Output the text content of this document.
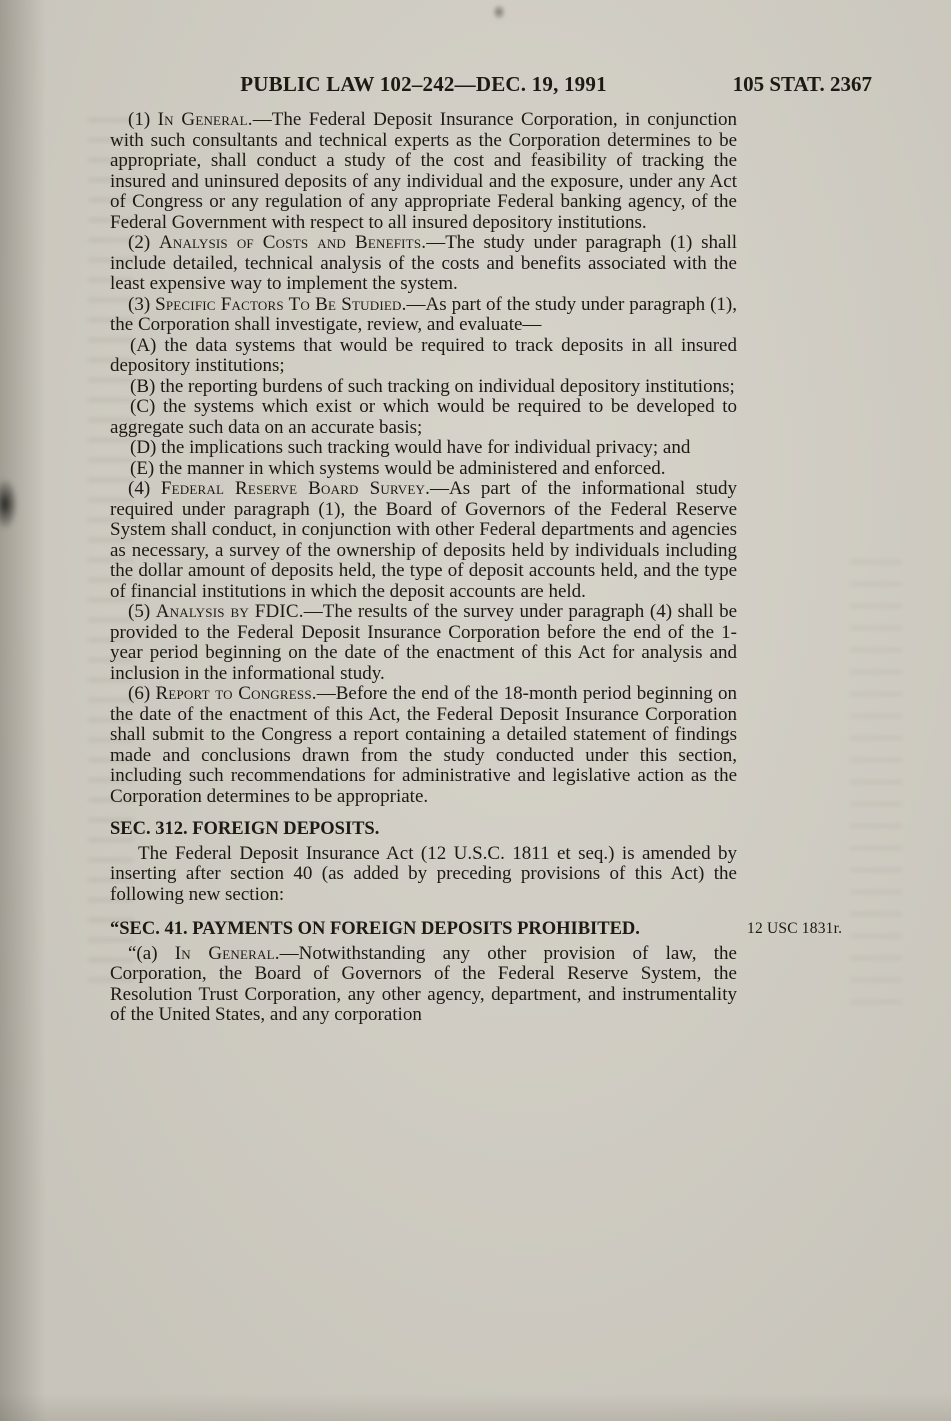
PUBLIC LAW 102–242—DEC. 19, 1991	105 STAT. 2367

(1) In General.—The Federal Deposit Insurance Corporation, in conjunction with such consultants and technical experts as the Corporation determines to be appropriate, shall conduct a study of the cost and feasibility of tracking the insured and uninsured deposits of any individual and the exposure, under any Act of Congress or any regulation of any appropriate Federal banking agency, of the Federal Government with respect to all insured depository institutions.

(2) Analysis of Costs and Benefits.—The study under paragraph (1) shall include detailed, technical analysis of the costs and benefits associated with the least expensive way to implement the system.

(3) Specific Factors To Be Studied.—As part of the study under paragraph (1), the Corporation shall investigate, review, and evaluate—

(A) the data systems that would be required to track deposits in all insured depository institutions;

(B) the reporting burdens of such tracking on individual depository institutions;

(C) the systems which exist or which would be required to be developed to aggregate such data on an accurate basis;

(D) the implications such tracking would have for individual privacy; and

(E) the manner in which systems would be administered and enforced.

(4) Federal Reserve Board Survey.—As part of the informational study required under paragraph (1), the Board of Governors of the Federal Reserve System shall conduct, in conjunction with other Federal departments and agencies as necessary, a survey of the ownership of deposits held by individuals including the dollar amount of deposits held, the type of deposit accounts held, and the type of financial institutions in which the deposit accounts are held.

(5) Analysis by FDIC.—The results of the survey under paragraph (4) shall be provided to the Federal Deposit Insurance Corporation before the end of the 1-year period beginning on the date of the enactment of this Act for analysis and inclusion in the informational study.

(6) Report to Congress.—Before the end of the 18-month period beginning on the date of the enactment of this Act, the Federal Deposit Insurance Corporation shall submit to the Congress a report containing a detailed statement of findings made and conclusions drawn from the study conducted under this section, including such recommendations for administrative and legislative action as the Corporation determines to be appropriate.

SEC. 312. FOREIGN DEPOSITS.

The Federal Deposit Insurance Act (12 U.S.C. 1811 et seq.) is amended by inserting after section 40 (as added by preceding provisions of this Act) the following new section:

“SEC. 41. PAYMENTS ON FOREIGN DEPOSITS PROHIBITED.	12 USC 1831r.

“(a) In General.—Notwithstanding any other provision of law, the Corporation, the Board of Governors of the Federal Reserve System, the Resolution Trust Corporation, any other agency, department, and instrumentality of the United States, and any corporation
